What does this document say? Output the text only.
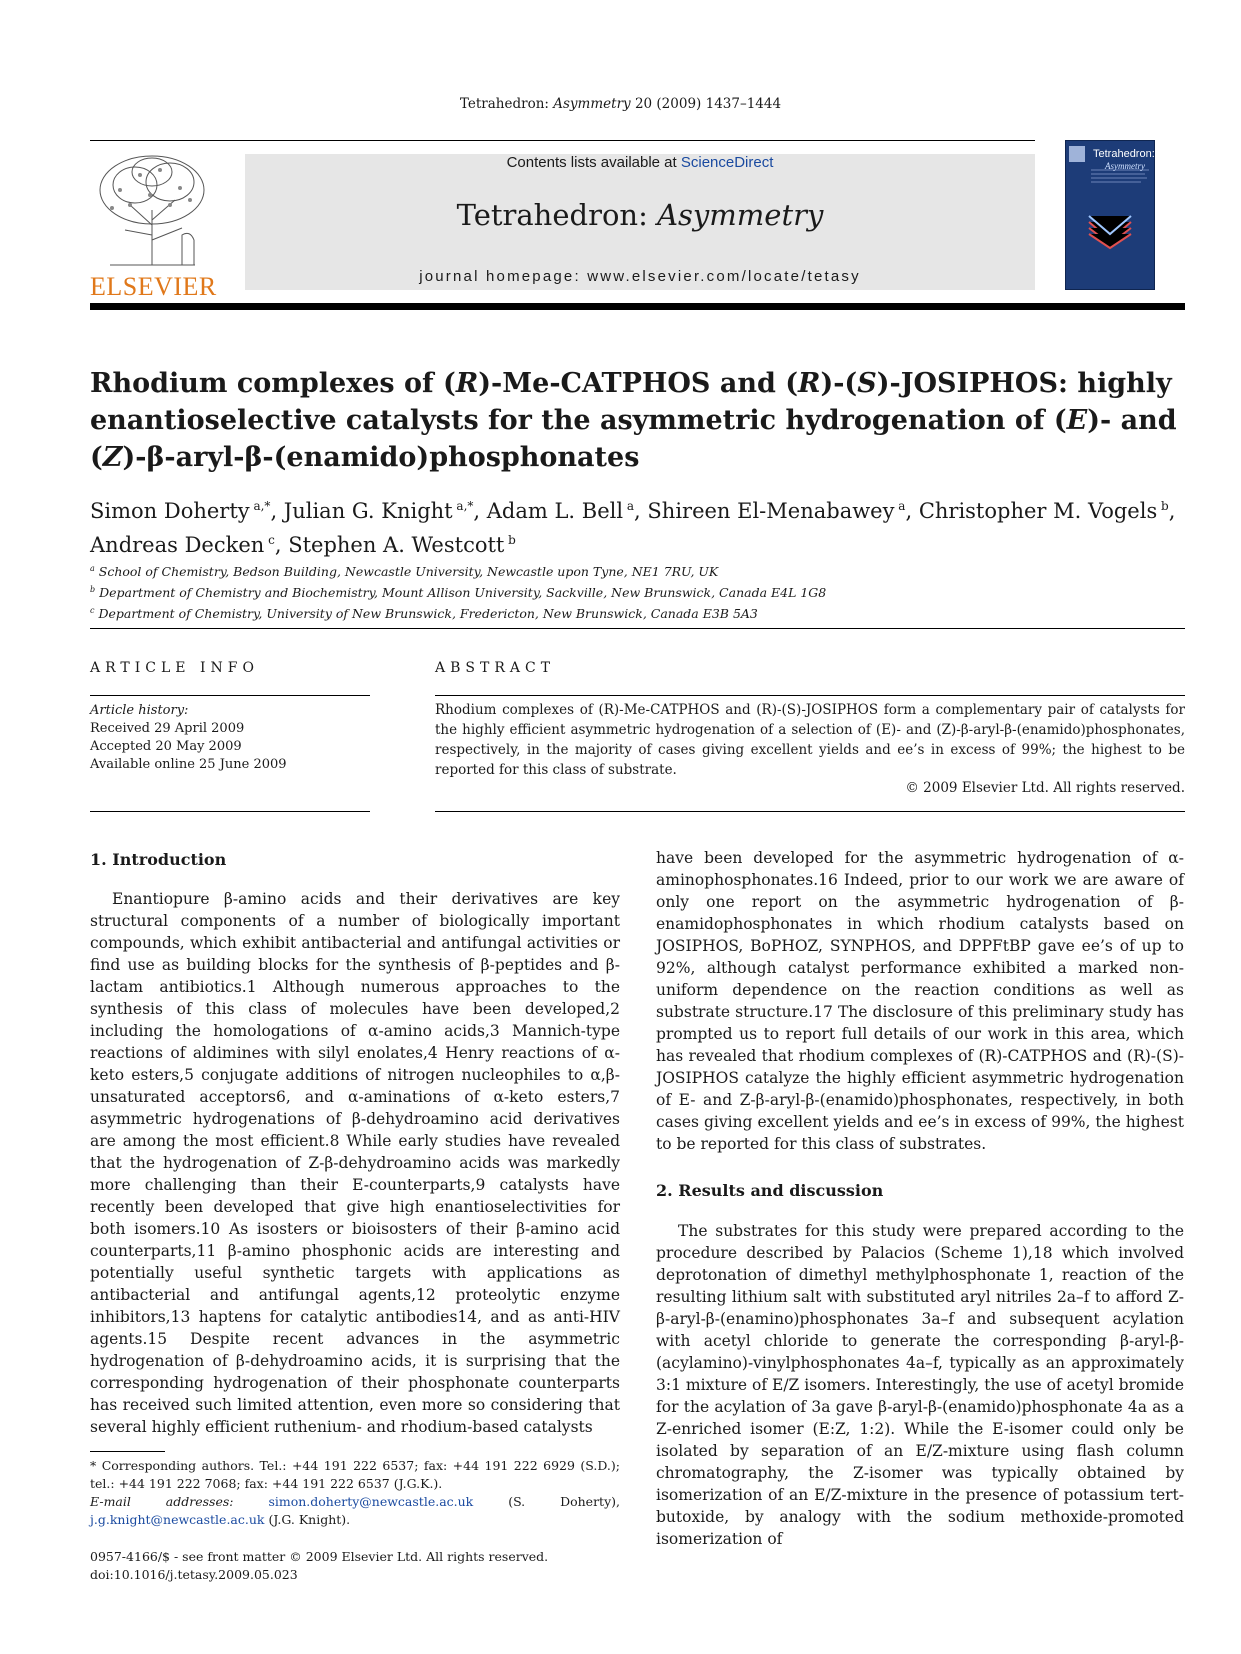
Tetrahedron: Asymmetry 20 (2009) 1437–1444
ELSEVIER
Contents lists available at ScienceDirect
Tetrahedron: Asymmetry
journal homepage: www.elsevier.com/locate/tetasy
Tetrahedron:
Asymmetry
Rhodium complexes of (R)-Me-CATPHOS and (R)-(S)-JOSIPHOS: highly enantioselective catalysts for the asymmetric hydrogenation of (E)- and (Z)-β-aryl-β-(enamido)phosphonates
Simon Doherty $^{a,*}$, Julian G. Knight $^{a,*}$, Adam L. Bell $^a$, Shireen El-Menabawey $^a$, Christopher M. Vogels $^b$,
Andreas Decken $^c$, Stephen A. Westcott $^b$
$^a$ School of Chemistry, Bedson Building, Newcastle University, Newcastle upon Tyne, NE1 7RU, UK
$^b$ Department of Chemistry and Biochemistry, Mount Allison University, Sackville, New Brunswick, Canada E4L 1G8
$^c$ Department of Chemistry, University of New Brunswick, Fredericton, New Brunswick, Canada E3B 5A3
ARTICLE INFO	ABSTRACT
Article history:
Received 29 April 2009
Accepted 20 May 2009
Available online 25 June 2009
Rhodium complexes of (R)-Me-CATPHOS and (R)-(S)-JOSIPHOS form a complementary pair of catalysts for the highly efficient asymmetric hydrogenation of a selection of (E)- and (Z)-β-aryl-β-(enamido)phosphonates, respectively, in the majority of cases giving excellent yields and ee’s in excess of 99%; the highest to be reported for this class of substrate.
© 2009 Elsevier Ltd. All rights reserved.
1. Introduction
Enantiopure β-amino acids and their derivatives are key structural components of a number of biologically important compounds, which exhibit antibacterial and antifungal activities or find use as building blocks for the synthesis of β-peptides and β-lactam antibiotics.1 Although numerous approaches to the synthesis of this class of molecules have been developed,2 including the homologations of α-amino acids,3 Mannich-type reactions of aldimines with silyl enolates,4 Henry reactions of α-keto esters,5 conjugate additions of nitrogen nucleophiles to α,β-unsaturated acceptors6, and α-aminations of α-keto esters,7 asymmetric hydrogenations of β-dehydroamino acid derivatives are among the most efficient.8 While early studies have revealed that the hydrogenation of Z-β-dehydroamino acids was markedly more challenging than their E-counterparts,9 catalysts have recently been developed that give high enantioselectivities for both isomers.10 As isosters or bioisosters of their β-amino acid counterparts,11 β-amino phosphonic acids are interesting and potentially useful synthetic targets with applications as antibacterial and antifungal agents,12 proteolytic enzyme inhibitors,13 haptens for catalytic antibodies14, and as anti-HIV agents.15 Despite recent advances in the asymmetric hydrogenation of β-dehydroamino acids, it is surprising that the corresponding hydrogenation of their phosphonate counterparts has received such limited attention, even more so considering that several highly efficient ruthenium- and rhodium-based catalysts
have been developed for the asymmetric hydrogenation of α-aminophosphonates.16 Indeed, prior to our work we are aware of only one report on the asymmetric hydrogenation of β-enamidophosphonates in which rhodium catalysts based on JOSIPHOS, BoPHOZ, SYNPHOS, and DPPFtBP gave ee’s of up to 92%, although catalyst performance exhibited a marked non-uniform dependence on the reaction conditions as well as substrate structure.17 The disclosure of this preliminary study has prompted us to report full details of our work in this area, which has revealed that rhodium complexes of (R)-CATPHOS and (R)-(S)-JOSIPHOS catalyze the highly efficient asymmetric hydrogenation of E- and Z-β-aryl-β-(enamido)phosphonates, respectively, in both cases giving excellent yields and ee’s in excess of 99%, the highest to be reported for this class of substrates.
2. Results and discussion
The substrates for this study were prepared according to the procedure described by Palacios (Scheme 1),18 which involved deprotonation of dimethyl methylphosphonate 1, reaction of the resulting lithium salt with substituted aryl nitriles 2a–f to afford Z-β-aryl-β-(enamino)phosphonates 3a–f and subsequent acylation with acetyl chloride to generate the corresponding β-aryl-β-(acylamino)-vinylphosphonates 4a–f, typically as an approximately 3:1 mixture of E/Z isomers. Interestingly, the use of acetyl bromide for the acylation of 3a gave β-aryl-β-(enamido)phosphonate 4a as a Z-enriched isomer (E:Z, 1:2). While the E-isomer could only be isolated by separation of an E/Z-mixture using flash column chromatography, the Z-isomer was typically obtained by isomerization of an E/Z-mixture in the presence of potassium tert-butoxide, by analogy with the sodium methoxide-promoted isomerization of
* Corresponding authors. Tel.: +44 191 222 6537; fax: +44 191 222 6929 (S.D.); tel.: +44 191 222 7068; fax: +44 191 222 6537 (J.G.K.).
E-mail addresses:	simon.doherty@newcastle.ac.uk	(S. Doherty), j.g.knight@newcastle.ac.uk (J.G. Knight).
0957-4166/$ - see front matter © 2009 Elsevier Ltd. All rights reserved.
doi:10.1016/j.tetasy.2009.05.023
